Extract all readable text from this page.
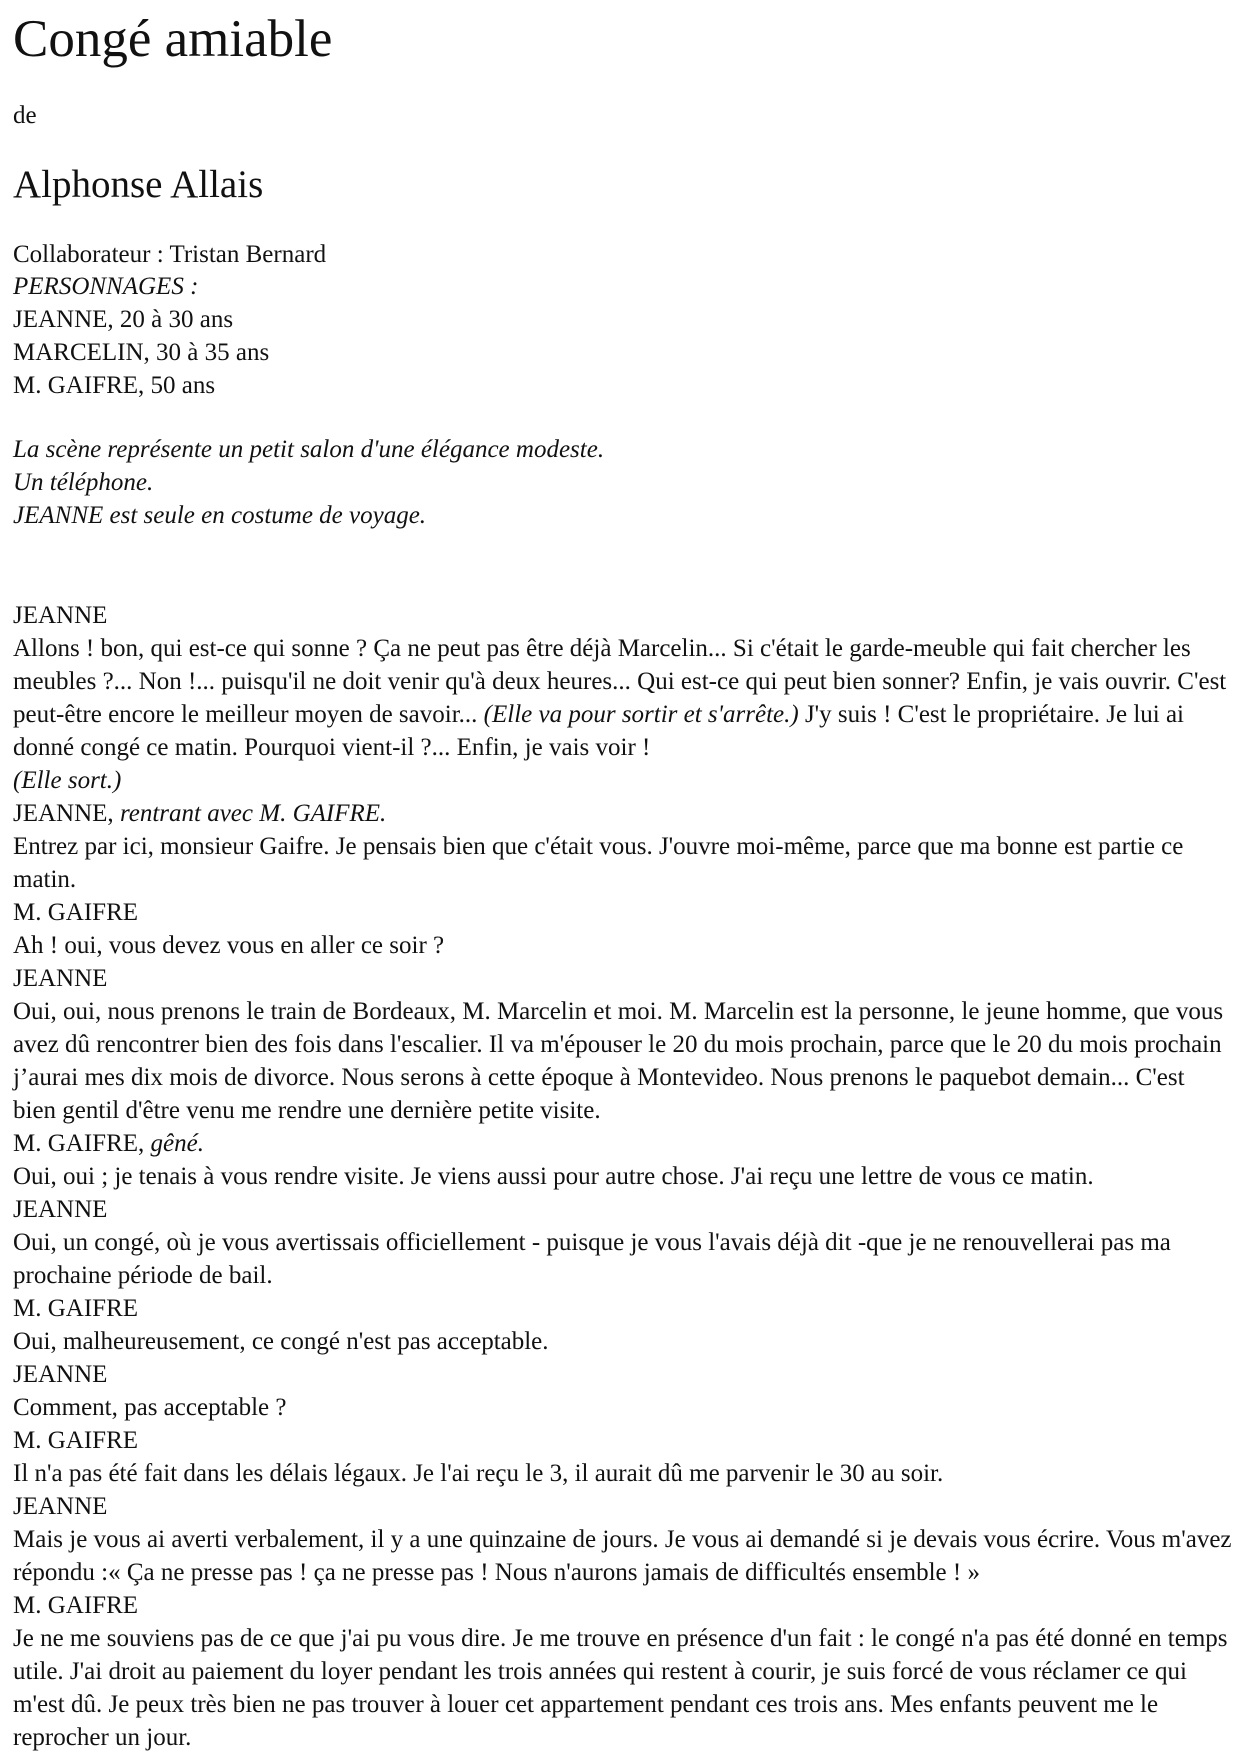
Congé amiable
de
Alphonse Allais
Collaborateur : Tristan Bernard

PERSONNAGES :

JEANNE, 20 à 30 ans

MARCELIN, 30 à 35 ans

M. GAIFRE, 50 ans

La scène représente un petit salon d'une élégance modeste.

Un téléphone.

JEANNE est seule en costume de voyage.

JEANNE

Allons ! bon, qui est-ce qui sonne ? Ça ne peut pas être déjà Marcelin... Si c'était le garde-meuble qui fait chercher les meubles ?... Non !... puisqu'il ne doit venir qu'à deux heures... Qui est-ce qui peut bien sonner? Enfin, je vais ouvrir. C'est peut-être encore le meilleur moyen de savoir... (Elle va pour sortir et s'arrête.) J'y suis ! C'est le propriétaire. Je lui ai donné congé ce matin. Pourquoi vient-il ?... Enfin, je vais voir !

(Elle sort.)

JEANNE, rentrant avec M. GAIFRE.

Entrez par ici, monsieur Gaifre. Je pensais bien que c'était vous. J'ouvre moi-même, parce que ma bonne est partie ce matin.

M. GAIFRE

Ah ! oui, vous devez vous en aller ce soir ?

JEANNE

Oui, oui, nous prenons le train de Bordeaux, M. Marcelin et moi. M. Marcelin est la personne, le jeune homme, que vous avez dû rencontrer bien des fois dans l'escalier. Il va m'épouser le 20 du mois prochain, parce que le 20 du mois prochain j’aurai mes dix mois de divorce. Nous serons à cette époque à Montevideo. Nous prenons le paquebot demain... C'est bien gentil d'être venu me rendre une dernière petite visite.

M. GAIFRE, gêné.

Oui, oui ; je tenais à vous rendre visite. Je viens aussi pour autre chose. J'ai reçu une lettre de vous ce matin.

JEANNE

Oui, un congé, où je vous avertissais officiellement - puisque je vous l'avais déjà dit -que je ne renouvellerai pas ma prochaine période de bail.

M. GAIFRE

Oui, malheureusement, ce congé n'est pas acceptable.

JEANNE

Comment, pas acceptable ?

M. GAIFRE

Il n'a pas été fait dans les délais légaux. Je l'ai reçu le 3, il aurait dû me parvenir le 30 au soir.

JEANNE

Mais je vous ai averti verbalement, il y a une quinzaine de jours. Je vous ai demandé si je devais vous écrire. Vous m'avez répondu :« Ça ne presse pas ! ça ne presse pas ! Nous n'aurons jamais de difficultés ensemble ! »

M. GAIFRE

Je ne me souviens pas de ce que j'ai pu vous dire. Je me trouve en présence d'un fait : le congé n'a pas été donné en temps utile. J'ai droit au paiement du loyer pendant les trois années qui restent à courir, je suis forcé de vous réclamer ce qui m'est dû. Je peux très bien ne pas trouver à louer cet appartement pendant ces trois ans. Mes enfants peuvent me le reprocher un jour.
